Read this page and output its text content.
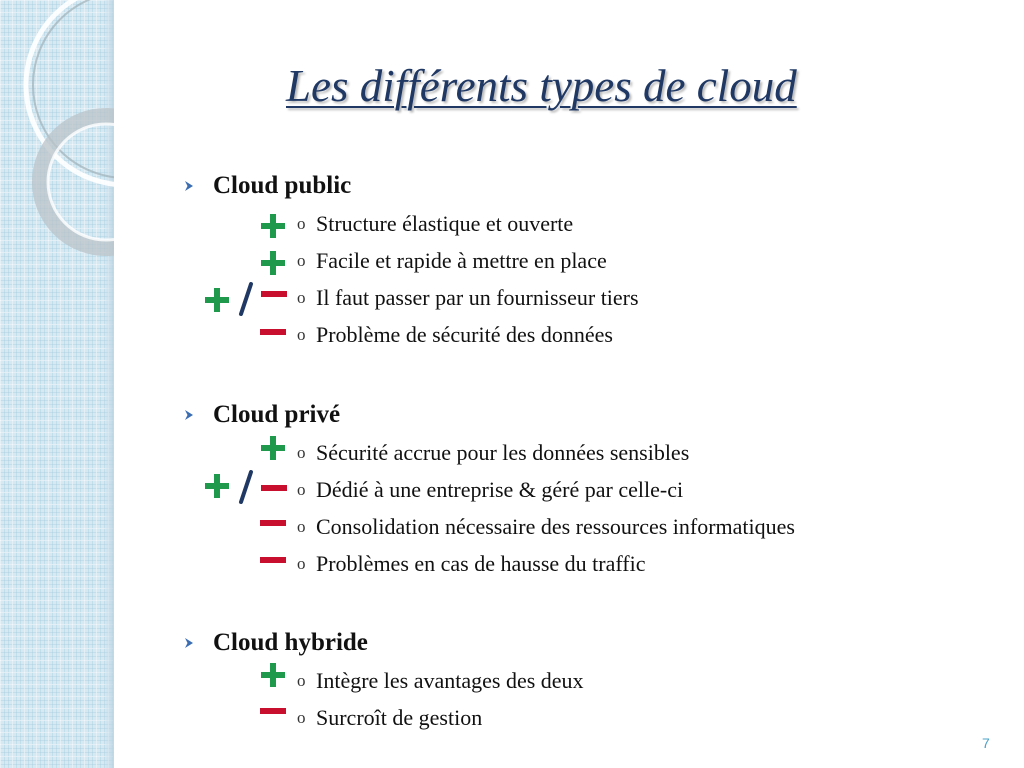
Les différents types de cloud
Cloud public
o Structure élastique et ouverte
o Facile et rapide à mettre en place
o Il faut passer par un fournisseur tiers
o Problème de sécurité des données
Cloud privé
o Sécurité accrue pour les données sensibles
o Dédié à une entreprise & géré par celle-ci
o Consolidation nécessaire des ressources informatiques
o Problèmes en cas de hausse du traffic
Cloud hybride
o Intègre les avantages des deux
o Surcroît de gestion
7
